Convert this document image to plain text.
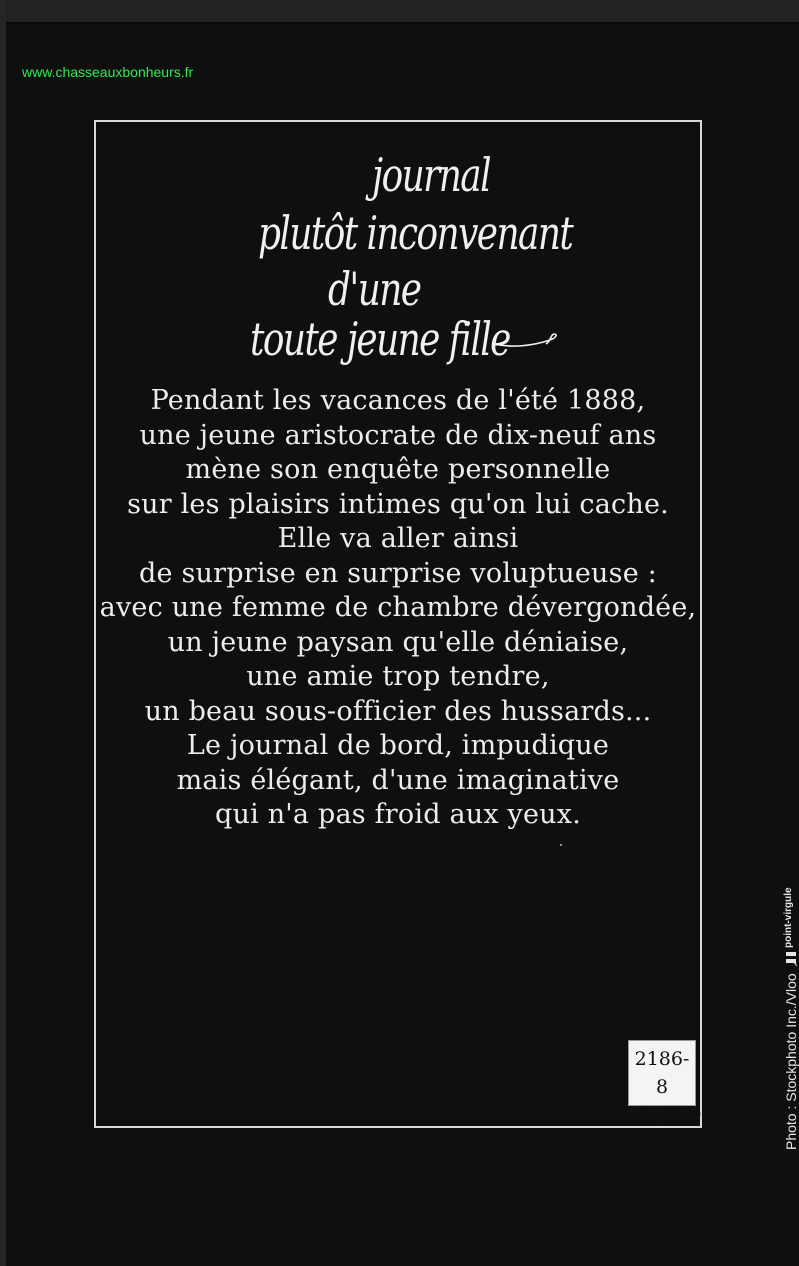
www.chasseauxbonheurs.fr
journal
plutôt inconvenant
d'une
toute jeune fille
Pendant les vacances de l'été 1888,
une jeune aristocrate de dix-neuf ans
mène son enquête personnelle
sur les plaisirs intimes qu'on lui cache.
Elle va aller ainsi
de surprise en surprise voluptueuse :
avec une femme de chambre dévergondée,
un jeune paysan qu'elle déniaise,
une amie trop tendre,
un beau sous-officier des hussards...
Le journal de bord, impudique
mais élégant, d'une imaginative
qui n'a pas froid aux yeux.
2186-8
005000
point-virgule
Photo : Stockphoto Inc./Vloo
